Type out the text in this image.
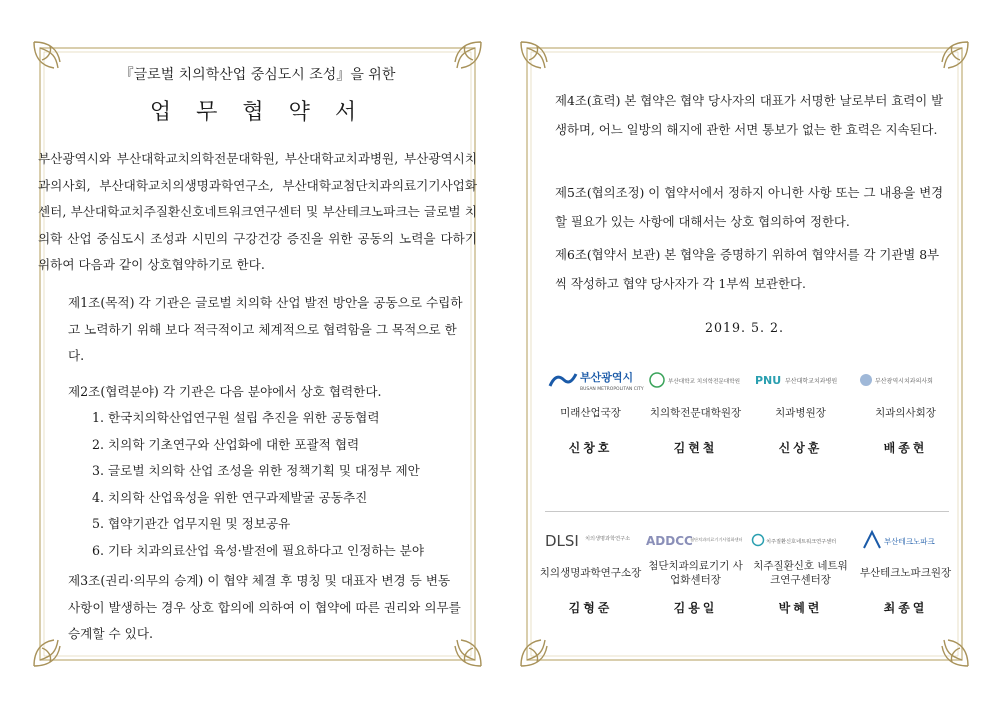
『글로벌 치의학산업 중심도시 조성』을 위한
업 무 협 약 서

부산광역시와 부산대학교치의학전문대학원, 부산대학교치과병원, 부산광역시치과의사회, 부산대학교치의생명과학연구소, 부산대학교첨단치과의료기기사업화센터, 부산대학교치주질환신호네트워크연구센터 및 부산테크노파크는 글로벌 치의학 산업 중심도시 조성과 시민의 구강건강 증진을 위한 공동의 노력을 다하기 위하여 다음과 같이 상호협약하기로 한다.

제1조(목적) 각 기관은 글로벌 치의학 산업 발전 방안을 공동으로 수립하고 노력하기 위해 보다 적극적이고 체계적으로 협력함을 그 목적으로 한다.

제2조(협력분야) 각 기관은 다음 분야에서 상호 협력한다.

1. 한국치의학산업연구원 설립 추진을 위한 공동협력
2. 치의학 기초연구와 산업화에 대한 포괄적 협력
3. 글로벌 치의학 산업 조성을 위한 정책기획 및 대정부 제안
4. 치의학 산업육성을 위한 연구과제발굴 공동추진
5. 협약기관간 업무지원 및 정보공유
6. 기타 치과의료산업 육성·발전에 필요하다고 인정하는 분야

제3조(권리·의무의 승계) 이 협약 체결 후 명칭 및 대표자 변경 등 변동 사항이 발생하는 경우 상호 합의에 의하여 이 협약에 따른 권리와 의무를 승계할 수 있다.

제4조(효력) 본 협약은 협약 당사자의 대표가 서명한 날로부터 효력이 발생하며, 어느 일방의 해지에 관한 서면 통보가 없는 한 효력은 지속된다.

제5조(협의조정) 이 협약서에서 정하지 아니한 사항 또는 그 내용을 변경할 필요가 있는 사항에 대해서는 상호 협의하여 정한다.

제6조(협약서 보관) 본 협약을 증명하기 위하여 협약서를 각 기관별 8부씩 작성하고 협약 당사자가 각 1부씩 보관한다.

2019. 5. 2.
부산광역시
BUSAN METROPOLITAN CITY
미래산업국장
신창호
부산대학교 치의학전문대학원
치의학전문대학원장
김현철
PNU 부산대학교치과병원
치과병원장
신상훈
부산광역시치과의사회
치과의사회장
배종현
DLSI 치의생명과학연구소
치의생명과학연구소장
김형준
ADDCC
첨단치과의료기기사업화센터
첨단치과의료기기 사업화센터장
김용일
치주질환신호네트워크연구센터
치주질환신호 네트워크연구센터장
박혜련
부산테크노파크
부산테크노파크원장
최종열
